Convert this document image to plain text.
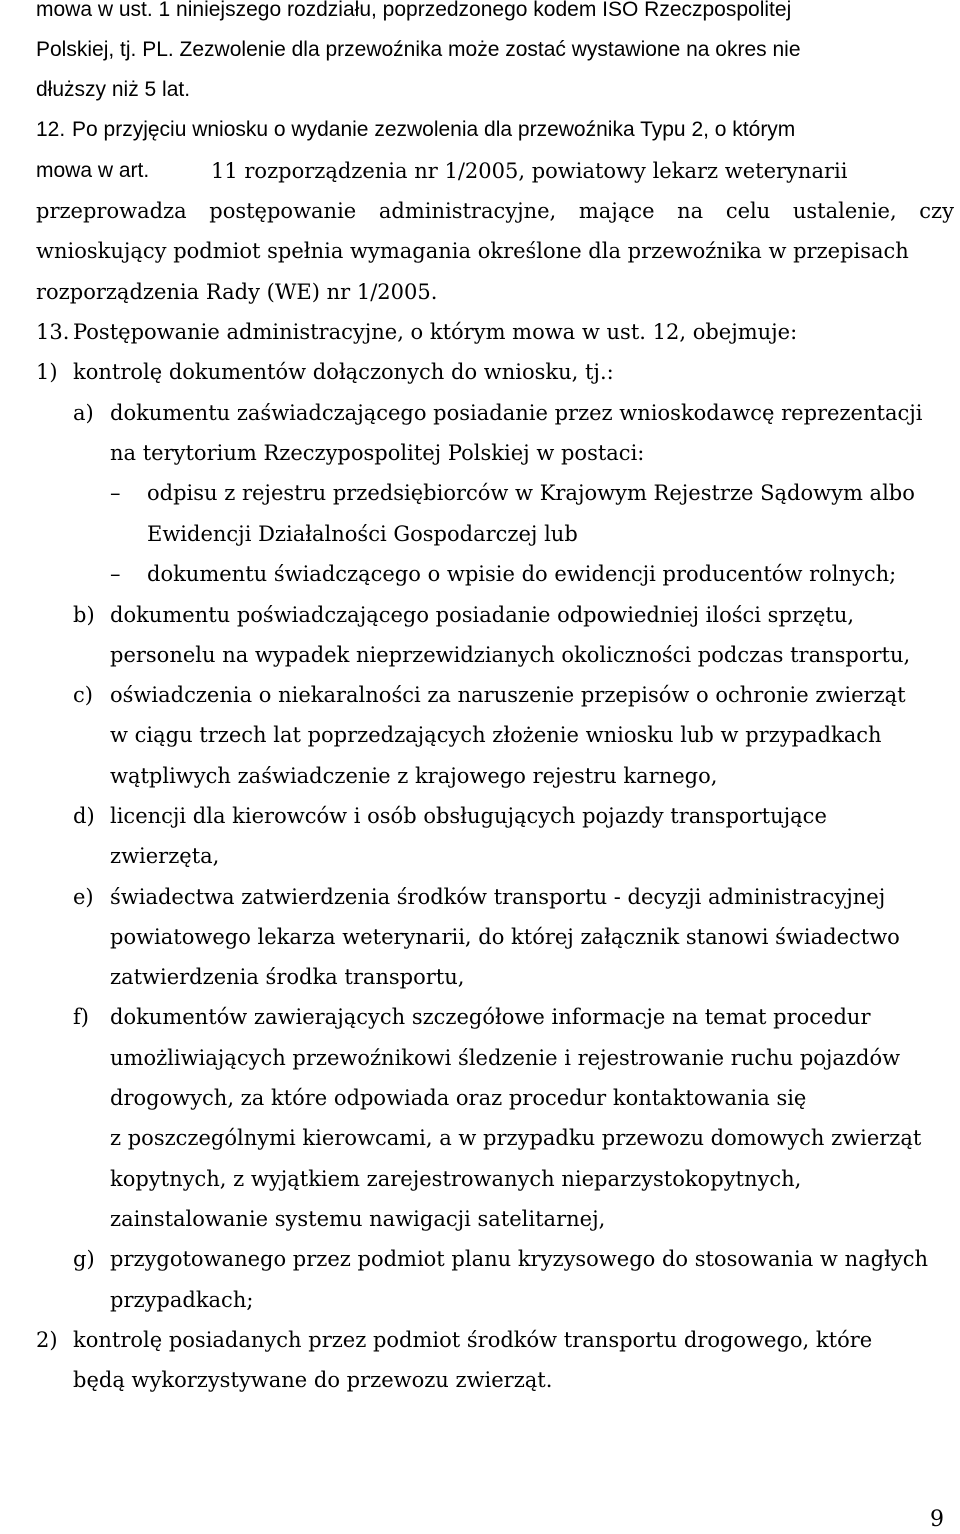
mowa w ust. 1 niniejszego rozdziału, poprzedzonego kodem ISO Rzeczpospolitej
Polskiej, tj. PL. Zezwolenie dla przewoźnika może zostać wystawione na okres nie
dłuższy niż 5 lat.
12. Po przyjęciu wniosku o wydanie zezwolenia dla przewoźnika Typu 2, o którym
mowa w art.	11 rozporządzenia nr 1/2005, powiatowy lekarz weterynarii
przeprowadza postępowanie administracyjne, mające na celu ustalenie, czy
wnioskujący podmiot spełnia wymagania określone dla przewoźnika w przepisach
rozporządzenia Rady (WE) nr 1/2005.
13. Postępowanie administracyjne, o którym mowa w ust. 12, obejmuje:
1) kontrolę dokumentów dołączonych do wniosku, tj.:
a) dokumentu zaświadczającego posiadanie przez wnioskodawcę reprezentacji
na terytorium Rzeczypospolitej Polskiej w postaci:
– odpisu z rejestru przedsiębiorców w Krajowym Rejestrze Sądowym albo
Ewidencji Działalności Gospodarczej lub
– dokumentu świadczącego o wpisie do ewidencji producentów rolnych;
b) dokumentu poświadczającego posiadanie odpowiedniej ilości sprzętu,
personelu na wypadek nieprzewidzianych okoliczności podczas transportu,
c) oświadczenia o niekaralności za naruszenie przepisów o ochronie zwierząt
w ciągu trzech lat poprzedzających złożenie wniosku lub w przypadkach
wątpliwych zaświadczenie z krajowego rejestru karnego,
d) licencji dla kierowców i osób obsługujących pojazdy transportujące
zwierzęta,
e) świadectwa zatwierdzenia środków transportu - decyzji administracyjnej
powiatowego lekarza weterynarii, do której załącznik stanowi świadectwo
zatwierdzenia środka transportu,
f) dokumentów zawierających szczegółowe informacje na temat procedur
umożliwiających przewoźnikowi śledzenie i rejestrowanie ruchu pojazdów
drogowych, za które odpowiada oraz procedur kontaktowania się
z poszczególnymi kierowcami, a w przypadku przewozu domowych zwierząt
kopytnych, z wyjątkiem zarejestrowanych nieparzystokopytnych,
zainstalowanie systemu nawigacji satelitarnej,
g) przygotowanego przez podmiot planu kryzysowego do stosowania w nagłych
przypadkach;
2) kontrolę posiadanych przez podmiot środków transportu drogowego, które
będą wykorzystywane do przewozu zwierząt.
9
